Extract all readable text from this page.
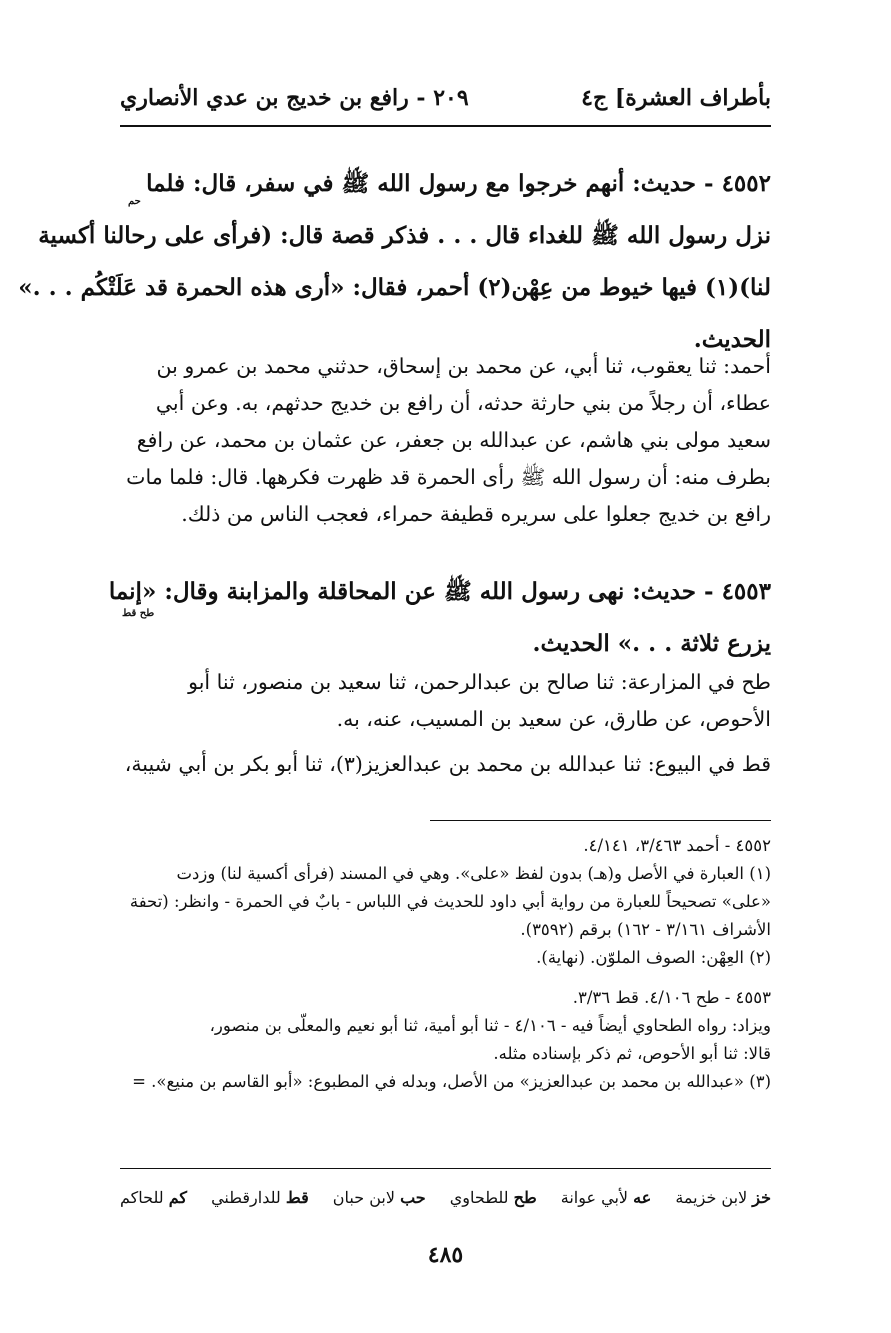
بأطراف العشرة] ج٤
٢٠٩ - رافع بن خديج بن عدي الأنصاري
٤٥٥٢ - حديث: أنهم خرجوا مع رسول الله ﷺ في سفر، قال: فلما
نزل رسول الله ﷺ للغداء قال . . . فذكر قصة قال: (فرأى على رحالنا أكسية
لنا)(١) فيها خيوط من عِهْن(٢) أحمر، فقال: «أرى هذه الحمرة قد عَلَتْكُم . . .»
الحديث.
حم
أحمد: ثنا يعقوب، ثنا أبي، عن محمد بن إسحاق، حدثني محمد بن عمرو بن
عطاء، أن رجلاً من بني حارثة حدثه، أن رافع بن خديج حدثهم، به. وعن أبي
سعيد مولى بني هاشم، عن عبدالله بن جعفر، عن عثمان بن محمد، عن رافع
بطرف منه: أن رسول الله ﷺ رأى الحمرة قد ظهرت فكرهها. قال: فلما مات
رافع بن خديج جعلوا على سريره قطيفة حمراء، فعجب الناس من ذلك.
٤٥٥٣ - حديث: نهى رسول الله ﷺ عن المحاقلة والمزابنة وقال: «إنما
يزرع ثلاثة . . .» الحديث.
طح قط
طح في المزارعة: ثنا صالح بن عبدالرحمن، ثنا سعيد بن منصور، ثنا أبو
الأحوص، عن طارق، عن سعيد بن المسيب، عنه، به.
قط في البيوع: ثنا عبدالله بن محمد بن عبدالعزيز(٣)، ثنا أبو بكر بن أبي شيبة،
٤٥٥٢ - أحمد ٣/٤٦٣، ٤/١٤١.
(١) العبارة في الأصل و(هـ) بدون لفظ «على». وهي في المسند (فرأى أكسية لنا) وزدت
«على» تصحيحاً للعبارة من رواية أبي داود للحديث في اللباس - بابٌ في الحمرة - وانظر: (تحفة
الأشراف ٣/١٦١ - ١٦٢) برقم (٣٥٩٢).
(٢) العِهْن: الصوف الملوّن. (نهاية).
٤٥٥٣ - طح ٤/١٠٦. قط ٣/٣٦.
ويزاد: رواه الطحاوي أيضاً فيه - ٤/١٠٦ - ثنا أبو أمية، ثنا أبو نعيم والمعلّى بن منصور،
قالا: ثنا أبو الأحوص، ثم ذكر بإسناده مثله.
(٣) «عبدالله بن محمد بن عبدالعزيز» من الأصل، وبدله في المطبوع: «أبو القاسم بن منيع». =
خز لابن خزيمة
عه لأبي عوانة
طح للطحاوي
حب لابن حبان
قط للدارقطني
كم للحاكم
٤٨٥
